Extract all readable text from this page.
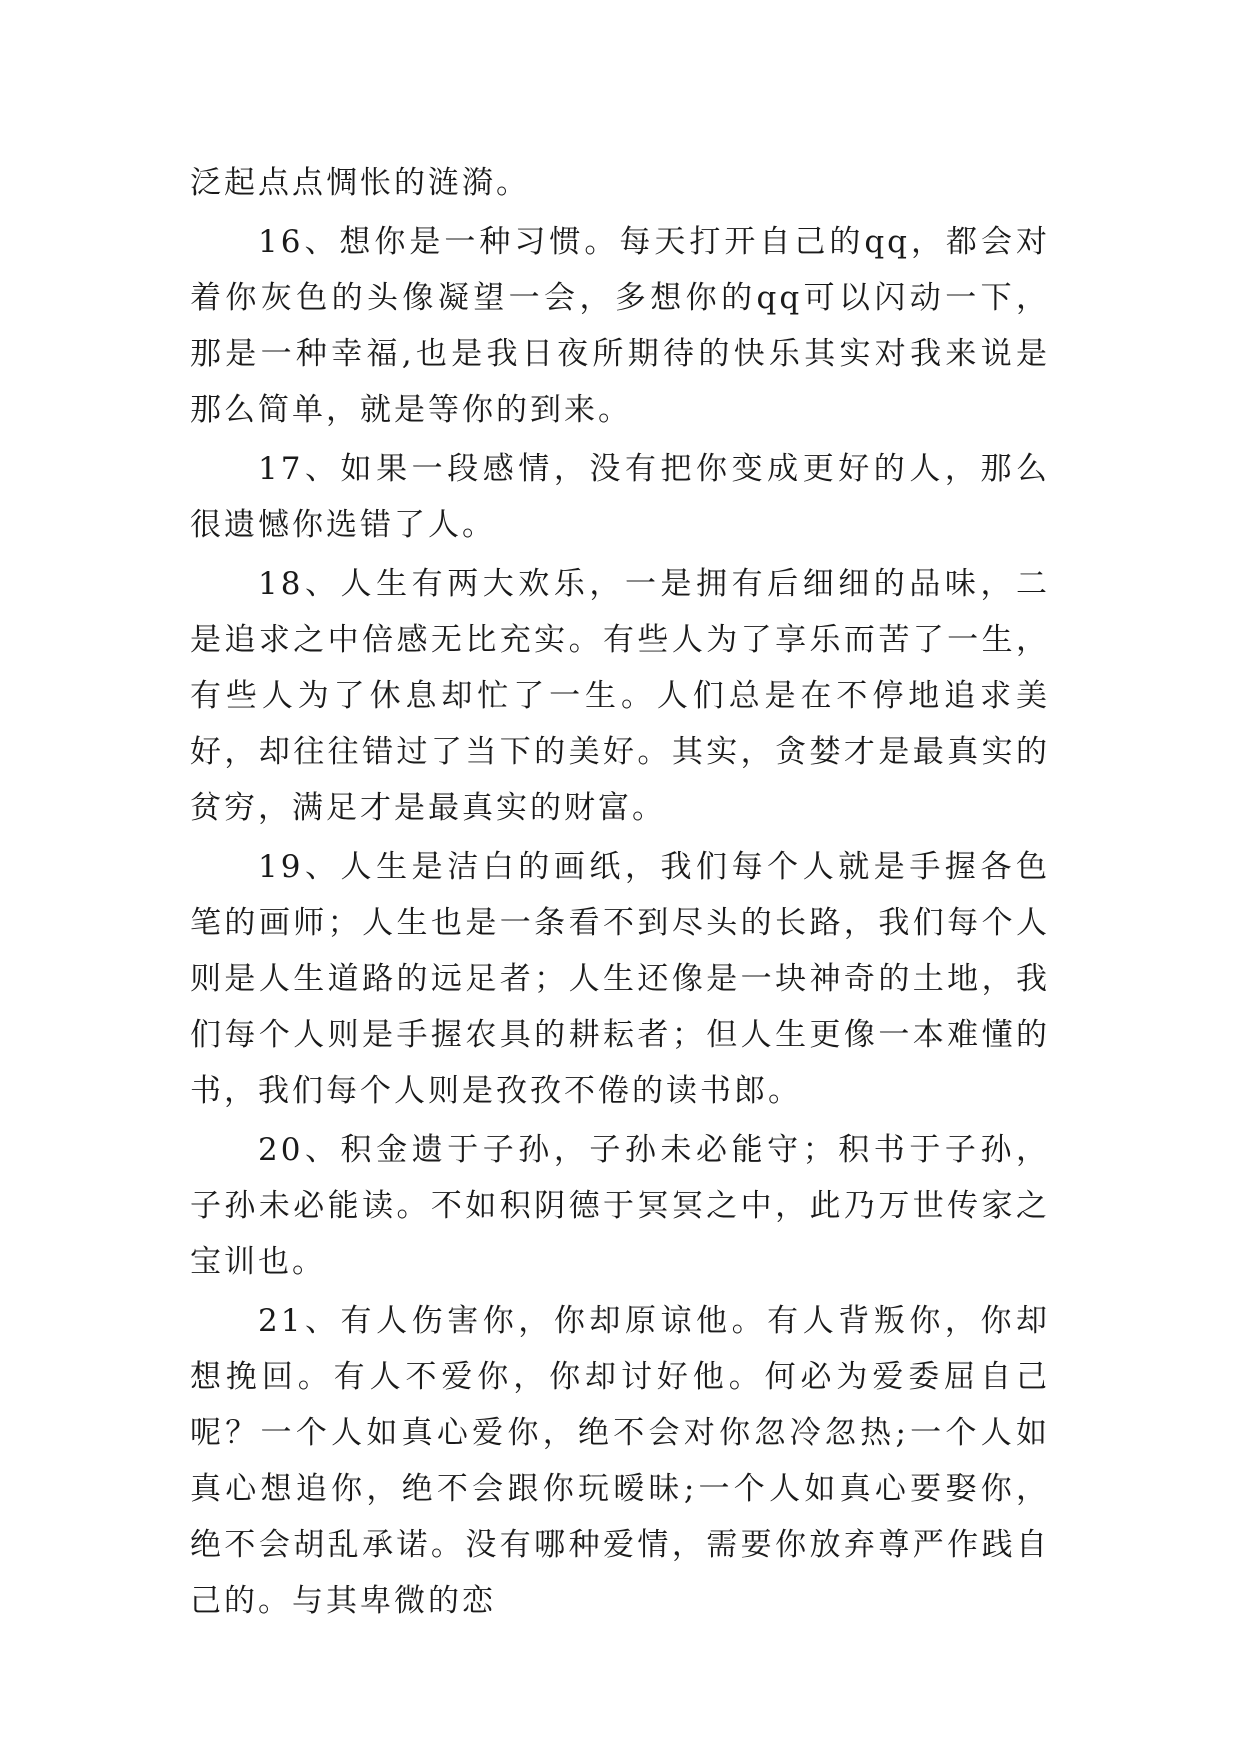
泛起点点惆怅的涟漪。

16、想你是一种习惯。每天打开自己的qq，都会对着你灰色的头像凝望一会，多想你的qq可以闪动一下，那是一种幸福,也是我日夜所期待的快乐其实对我来说是那么简单，就是等你的到来。

17、如果一段感情，没有把你变成更好的人，那么很遗憾你选错了人。

18、人生有两大欢乐，一是拥有后细细的品味，二是追求之中倍感无比充实。有些人为了享乐而苦了一生，有些人为了休息却忙了一生。人们总是在不停地追求美好，却往往错过了当下的美好。其实，贪婪才是最真实的贫穷，满足才是最真实的财富。

19、人生是洁白的画纸，我们每个人就是手握各色笔的画师；人生也是一条看不到尽头的长路，我们每个人则是人生道路的远足者；人生还像是一块神奇的土地，我们每个人则是手握农具的耕耘者；但人生更像一本难懂的书，我们每个人则是孜孜不倦的读书郎。

20、积金遗于子孙，子孙未必能守；积书于子孙，子孙未必能读。不如积阴德于冥冥之中，此乃万世传家之宝训也。

21、有人伤害你，你却原谅他。有人背叛你，你却想挽回。有人不爱你，你却讨好他。何必为爱委屈自己呢？一个人如真心爱你，绝不会对你忽冷忽热;一个人如真心想追你，绝不会跟你玩暧昧;一个人如真心要娶你，绝不会胡乱承诺。没有哪种爱情，需要你放弃尊严作践自己的。与其卑微的恋
